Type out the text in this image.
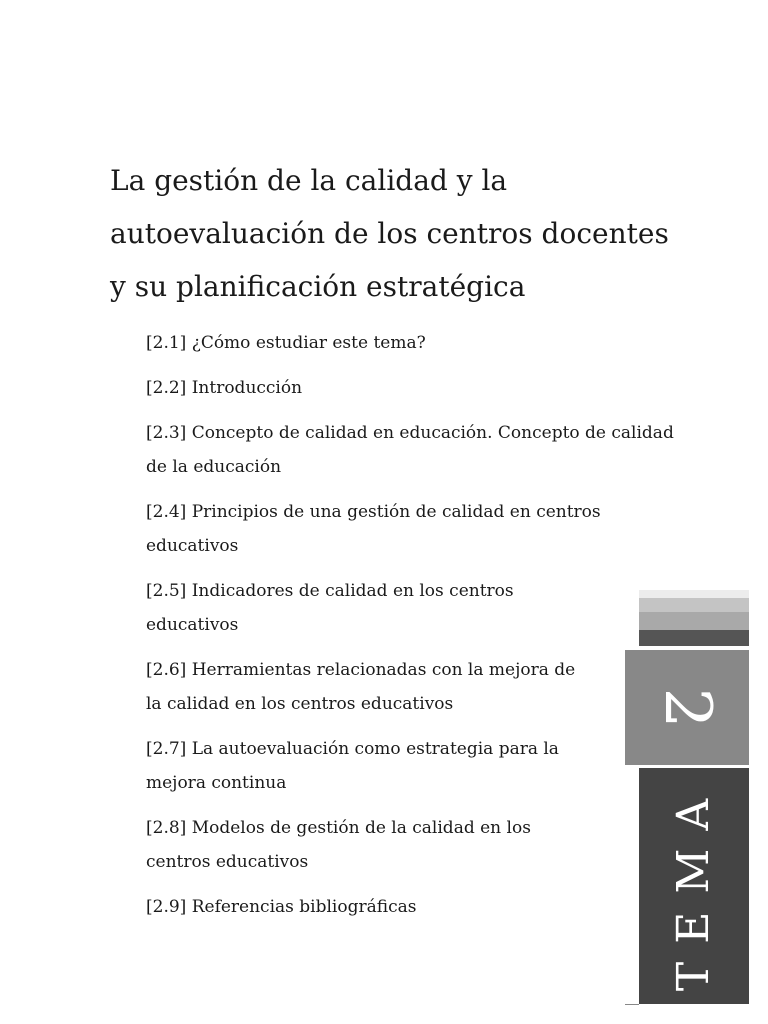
La gestión de la calidad y la
autoevaluación de los centros docentes
y su planificación estratégica
[2.1] ¿Cómo estudiar este tema?
[2.2] Introducción
[2.3] Concepto de calidad en educación. Concepto de calidad
de la educación
[2.4] Principios de una gestión de calidad en centros
educativos
[2.5] Indicadores de calidad en los centros
educativos
[2.6] Herramientas relacionadas con la mejora de
la calidad en los centros educativos
[2.7] La autoevaluación como estrategia para la
mejora continua
[2.8] Modelos de gestión de la calidad en los
centros educativos
[2.9] Referencias bibliográficas
2
TEMA
